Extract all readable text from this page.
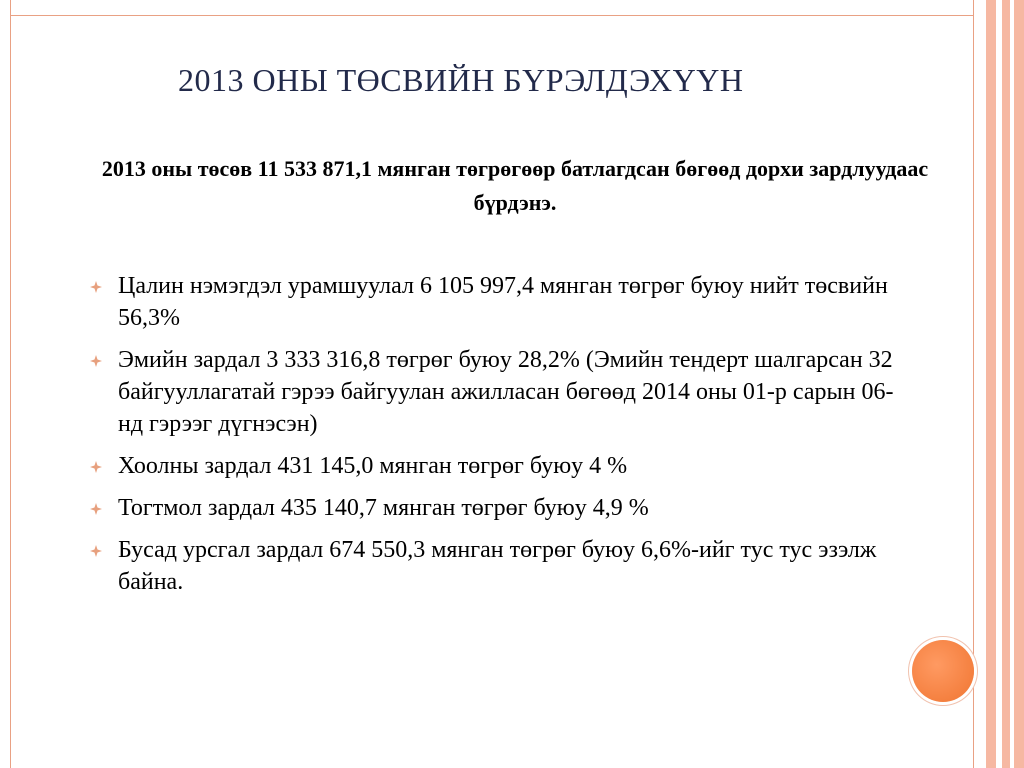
2013 ОНЫ ТӨСВИЙН БҮРЭЛДЭХҮҮН
2013 оны төсөв 11 533 871,1 мянган төгрөгөөр батлагдсан бөгөөд дорхи зардлуудаас бүрдэнэ.
Цалин нэмэгдэл урамшуулал 6 105 997,4 мянган төгрөг буюу нийт төсвийн 56,3%
Эмийн зардал 3 333 316,8 төгрөг буюу 28,2% (Эмийн тендерт шалгарсан 32 байгууллагатай гэрээ байгуулан ажилласан бөгөөд 2014 оны 01-р сарын 06-нд гэрээг дүгнэсэн)
Хоолны зардал 431 145,0 мянган төгрөг буюу 4 %
Тогтмол зардал 435 140,7 мянган төгрөг буюу 4,9 %
Бусад урсгал зардал 674 550,3 мянган төгрөг буюу 6,6%-ийг тус тус эзэлж байна.
